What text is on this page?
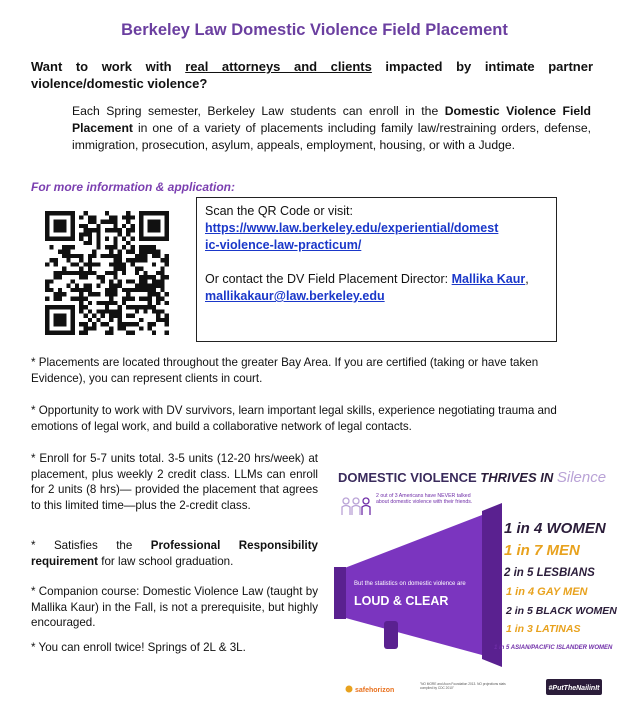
Berkeley Law Domestic Violence Field Placement
Want to work with real attorneys and clients impacted by intimate partner violence/domestic violence?
Each Spring semester, Berkeley Law students can enroll in the Domestic Violence Field Placement in one of a variety of placements including family law/restraining orders, defense, immigration, prosecution, asylum, appeals, employment, housing, or with a Judge.
For more information & application:
Scan the QR Code or visit:
https://www.law.berkeley.edu/experiential/domest
ic-violence-law-practicum/
Or contact the DV Field Placement Director: Mallika Kaur, mallikakaur@law.berkeley.edu
* Placements are located throughout the greater Bay Area. If you are certified (taking or have taken Evidence), you can represent clients in court.
* Opportunity to work with DV survivors, learn important legal skills, experience negotiating trauma and emotions of legal work, and build a collaborative network of legal contacts.
* Enroll for 5-7 units total. 3-5 units (12-20 hrs/week) at placement, plus weekly 2 credit class. LLMs can enroll for 2 units (8 hrs)— provided the placement that agrees to this limited time—plus the 2-credit class.
* Satisfies the Professional Responsibility requirement for law school graduation.
* Companion course: Domestic Violence Law (taught by Mallika Kaur) in the Fall, is not a prerequisite, but highly encouraged.
* You can enroll twice! Springs of 2L & 3L.
DOMESTIC VIOLENCE THRIVES IN Silence
2 out of 3 Americans have NEVER talked about domestic violence with their friends.
But the statistics on domestic violence are
LOUD & CLEAR
1 in 4 WOMEN
1 in 7 MEN
2 in 5 LESBIANS
1 in 4 GAY MEN
2 in 5 BLACK WOMEN
1 in 3 LATINAS
1 in 5 ASIAN/PACIFIC ISLANDER WOMEN
safehorizon
"NO MORE and Avon Foundation 2013. NO projections stats compiled by CDC 2010"	#PutTheNailinIt
